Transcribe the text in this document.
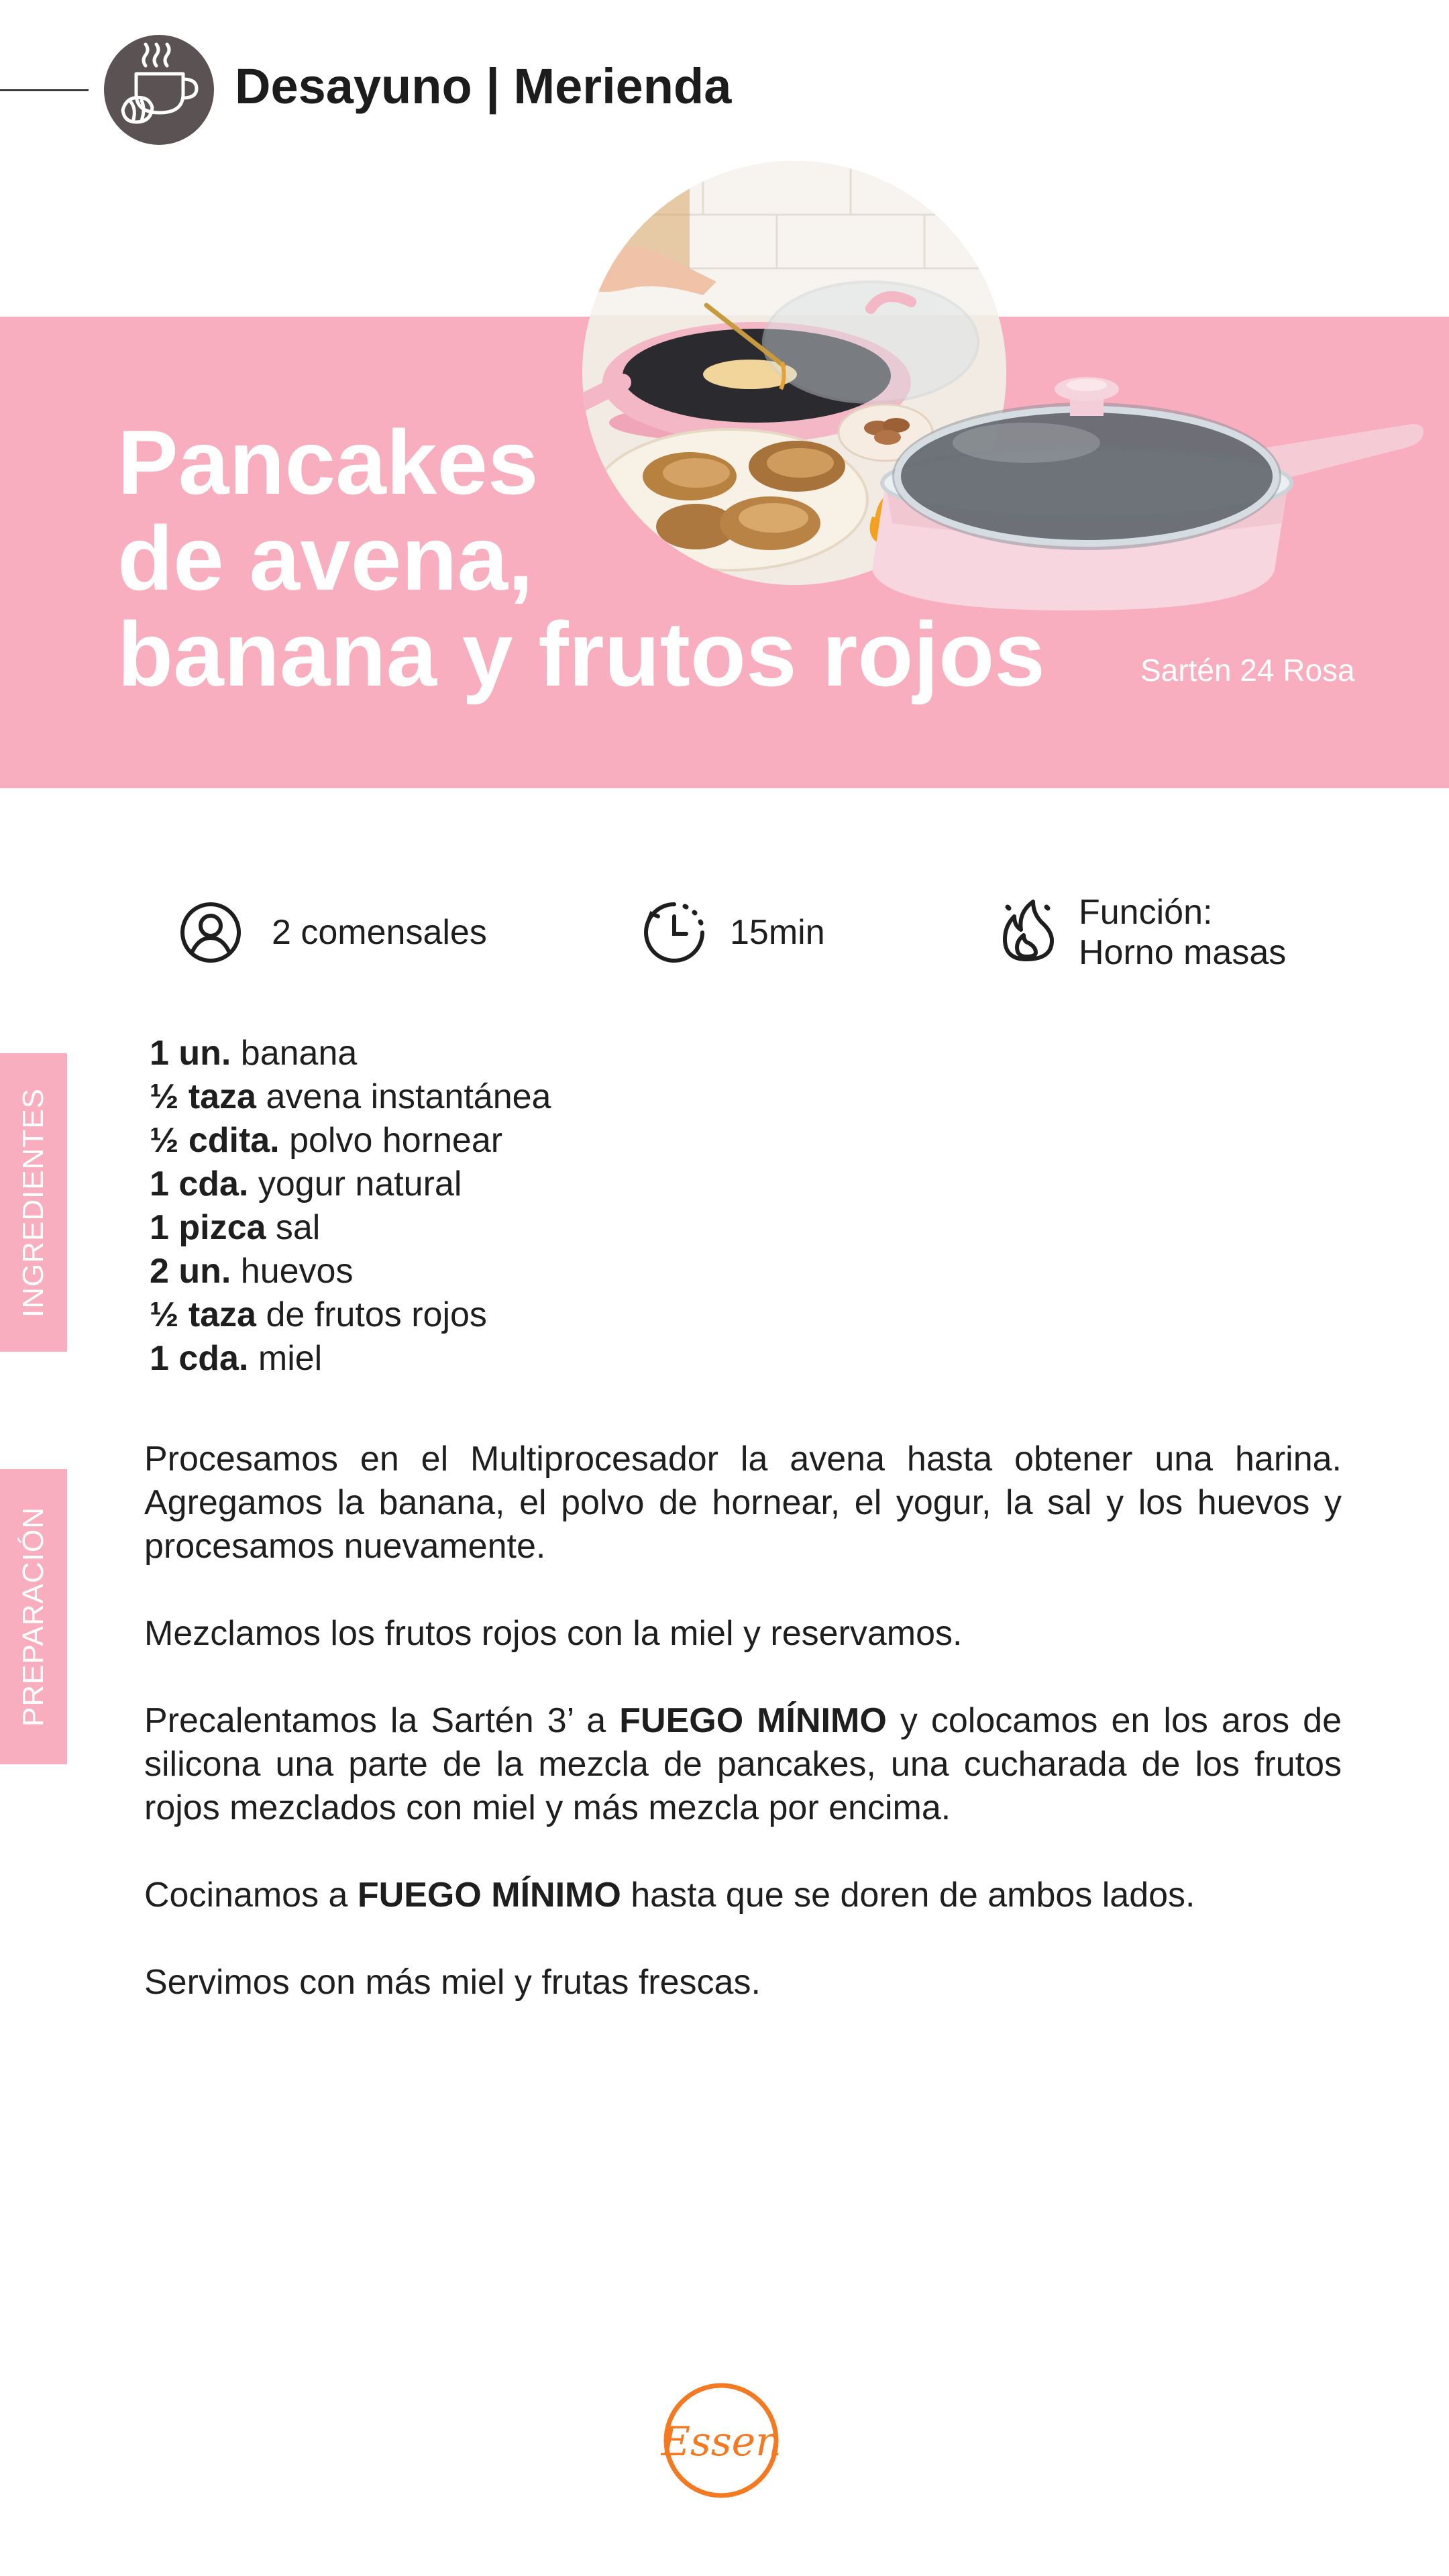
Desayuno | Merienda
Pancakes
de avena,
banana y frutos rojos	Sartén 24 Rosa
2 comensales	15min
Función:
Horno masas
INGREDIENTES
PREPARACIÓN
1 un. banana
½ taza avena instantánea
½ cdita. polvo hornear
1 cda. yogur natural
1 pizca sal
2 un. huevos
½ taza de frutos rojos
1 cda. miel

Procesamos en el Multiprocesador la avena hasta obtener una harina. Agregamos la banana, el polvo de hornear, el yogur, la sal y los huevos y procesamos nuevamente.

Mezclamos los frutos rojos con la miel y reservamos.

Precalentamos la Sartén 3’ a FUEGO MÍNIMO y colocamos en los aros de silicona una parte de la mezcla de pancakes, una cucharada de los frutos rojos mezclados con miel y más mezcla por encima.

Cocinamos a FUEGO MÍNIMO hasta que se doren de ambos lados.

Servimos con más miel y frutas frescas.

Essen
